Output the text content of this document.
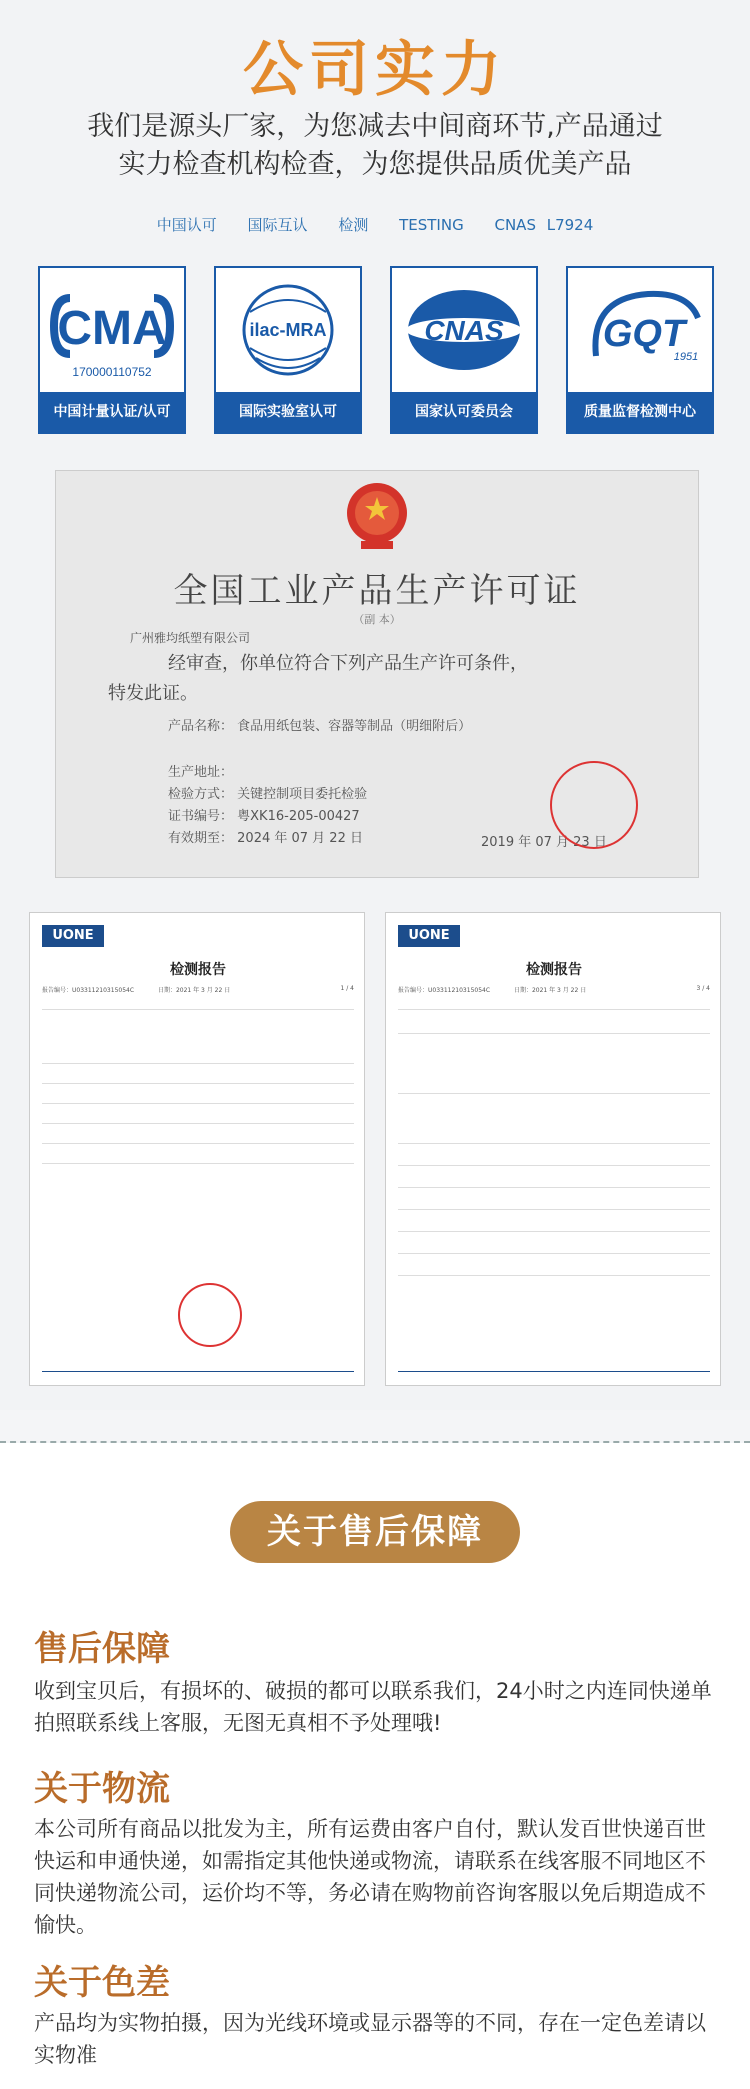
公司实力
我们是源头厂家，为您减去中间商环节,产品通过
实力检查机构检查，为您提供品质优美产品
中国认可 国际互认 检测 TESTING CNAS L7924
CMA
170000110752
中国计量认证/认可
ilac-MRA
国际实验室认可
CNAS
国家认可委员会
GQT
1951
质量监督检测中心
全国工业产品生产许可证
（副 本）
广州雅均纸塑有限公司
经审查，你单位符合下列产品生产许可条件，
特发此证。
产品名称： 食品用纸包装、容器等制品（明细附后）
生产地址：
检验方式： 关键控制项目委托检验
证书编号： 粤XK16-205-00427
有效期至： 2024 年 07 月 22 日	2019 年 07 月 23 日
UONE
检测报告
报告编号：U03311210315054C	日期：2021 年 3 月 22 日	1 / 4
UONE
检测报告
报告编号：U03311210315054C	日期：2021 年 3 月 22 日	3 / 4
关于售后保障
售后保障
收到宝贝后，有损坏的、破损的都可以联系我们，24小时之内连同快递单拍照联系线上客服，无图无真相不予处理哦!
关于物流
本公司所有商品以批发为主，所有运费由客户自付，默认发百世快递百世快运和申通快递，如需指定其他快递或物流，请联系在线客服不同地区不同快递物流公司，运价均不等，务必请在购物前咨询客服以免后期造成不愉快。
关于色差
产品均为实物拍摄，因为光线环境或显示器等的不同，存在一定色差请以实物准
